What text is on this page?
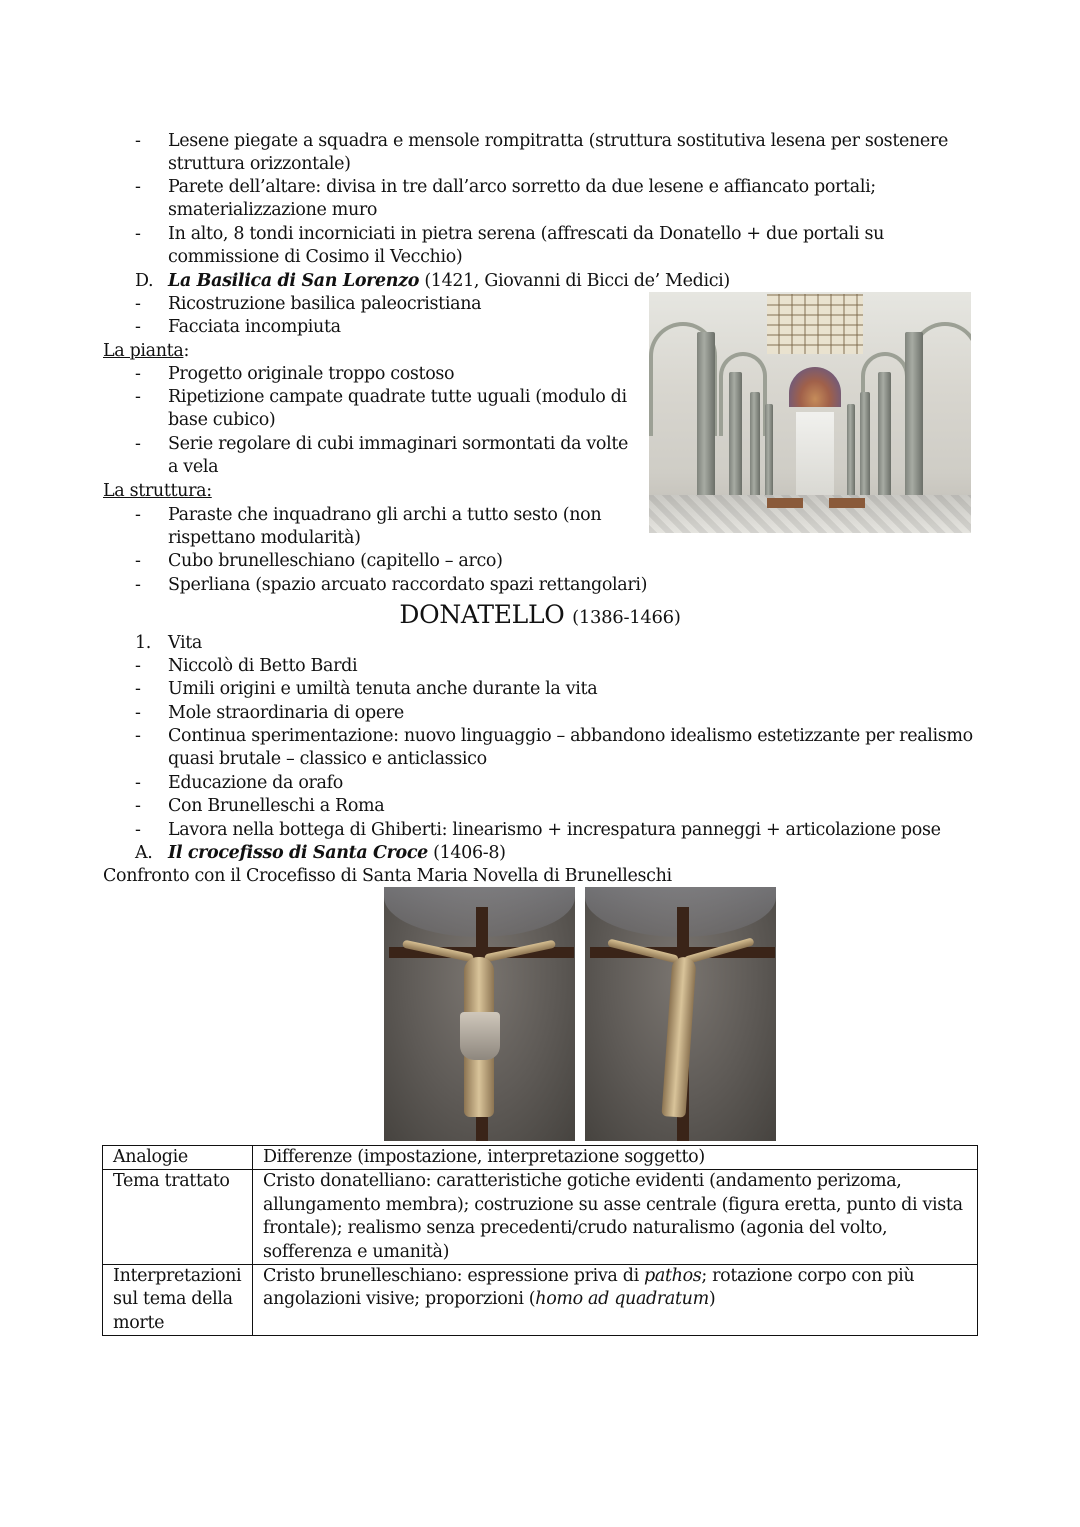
-	Lesene piegate a squadra e mensole rompitratta (struttura sostitutiva lesena per sostenere
struttura orizzontale)
-	Parete dell’altare: divisa in tre dall’arco sorretto da due lesene e affiancato portali;
smaterializzazione muro
-	In alto, 8 tondi incorniciati in pietra serena (affrescati da Donatello + due portali su
commissione di Cosimo il Vecchio)
D. La Basilica di San Lorenzo (1421, Giovanni di Bicci de’ Medici)
-	Ricostruzione basilica paleocristiana
-	Facciata incompiuta
La pianta:
-	Progetto originale troppo costoso
-	Ripetizione campate quadrate tutte uguali (modulo di
base cubico)
-	Serie regolare di cubi immaginari sormontati da volte
a vela
La struttura:
-	Paraste che inquadrano gli archi a tutto sesto (non
rispettano modularità)
-	Cubo brunelleschiano (capitello – arco)
-	Sperliana (spazio arcuato raccordato spazi rettangolari)
DONATELLO (1386-1466)
1. Vita
-	Niccolò di Betto Bardi
-	Umili origini e umiltà tenuta anche durante la vita
-	Mole straordinaria di opere
-	Continua sperimentazione: nuovo linguaggio – abbandono idealismo estetizzante per realismo
quasi brutale – classico e anticlassico
-	Educazione da orafo
-	Con Brunelleschi a Roma
-	Lavora nella bottega di Ghiberti: linearismo + increspatura panneggi + articolazione pose
A. Il crocefisso di Santa Croce (1406-8)
Confronto con il Crocefisso di Santa Maria Novella di Brunelleschi
Analogie	Differenze (impostazione, interpretazione soggetto)
Tema trattato	Cristo donatelliano: caratteristiche gotiche evidenti (andamento perizoma, allungamento membra); costruzione su asse centrale (figura eretta, punto di vista frontale); realismo senza precedenti/crudo naturalismo (agonia del volto, sofferenza e umanità)
Interpretazioni sul tema della morte	Cristo brunelleschiano: espressione priva di pathos; rotazione corpo con più angolazioni visive; proporzioni (homo ad quadratum)
